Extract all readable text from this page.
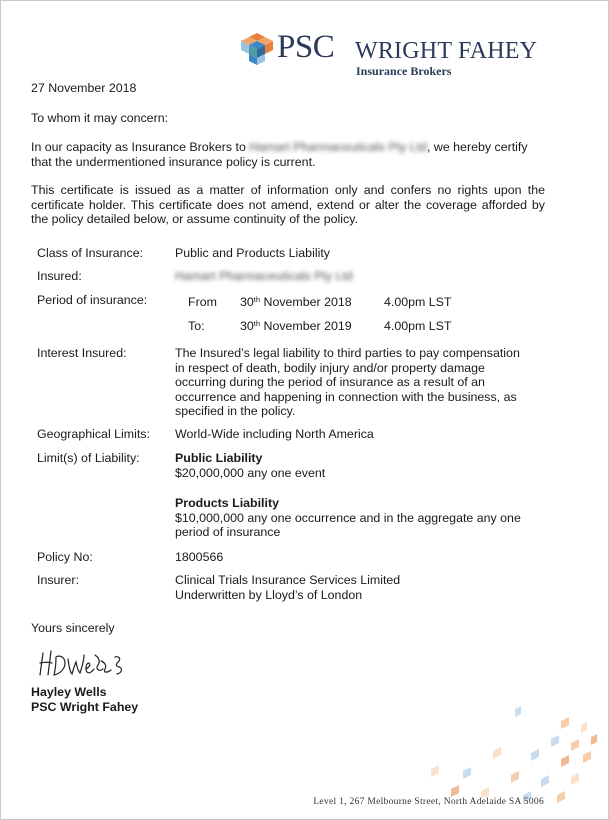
PSC WRIGHT FAHEY
Insurance Brokers
27 November 2018
To whom it may concern:
In our capacity as Insurance Brokers to Hamart Pharmaceuticals Pty Ltd, we hereby certify
that the undermentioned insurance policy is current.
This certificate is issued as a matter of information only and confers no rights upon the certificate holder. This certificate does not amend, extend or alter the coverage afforded by the policy detailed below, or assume continuity of the policy.
Class of Insurance:	Public and Products Liability
Insured:	Hamart Pharmaceuticals Pty Ltd
Period of insurance:	From 30th November 2018	4.00pm LST
To:	30th November 2019	4.00pm LST
Interest Insured:	The Insured’s legal liability to third parties to pay compensation in respect of death, bodily injury and/or property damage occurring during the period of insurance as a result of an occurrence and happening in connection with the business, as specified in the policy.
Geographical Limits: World-Wide including North America
Limit(s) of Liability:	Public Liability
$20,000,000 any one event
Products Liability
$10,000,000 any one occurrence and in the aggregate any one period of insurance
Policy No:	1800566
Insurer:	Clinical Trials Insurance Services Limited
Underwritten by Lloyd’s of London
Yours sincerely
Hayley Wells
PSC Wright Fahey
Level 1, 267 Melbourne Street, North Adelaide SA 5006
